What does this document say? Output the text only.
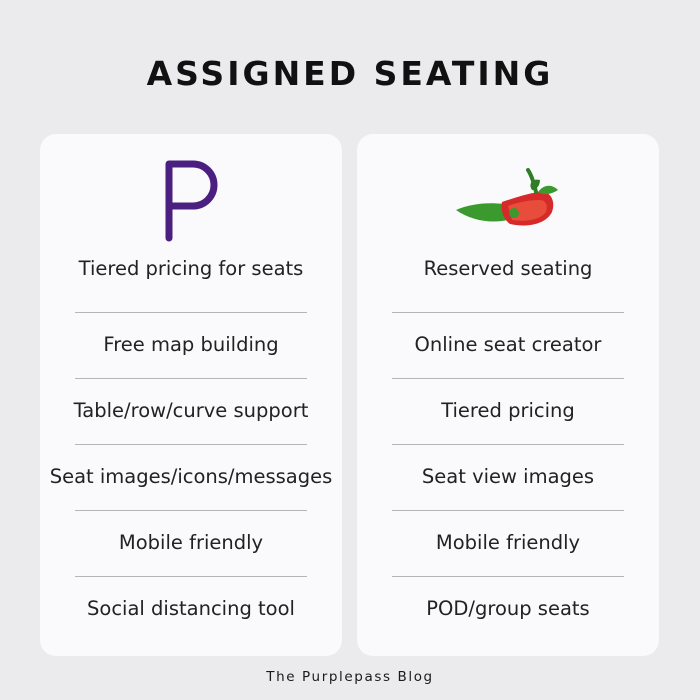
ASSIGNED SEATING
Tiered pricing for seats
Free map building
Table/row/curve support
Seat images/icons/messages
Mobile friendly
Social distancing tool
Reserved seating
Online seat creator
Tiered pricing
Seat view images
Mobile friendly
POD/group seats
The Purplepass Blog
